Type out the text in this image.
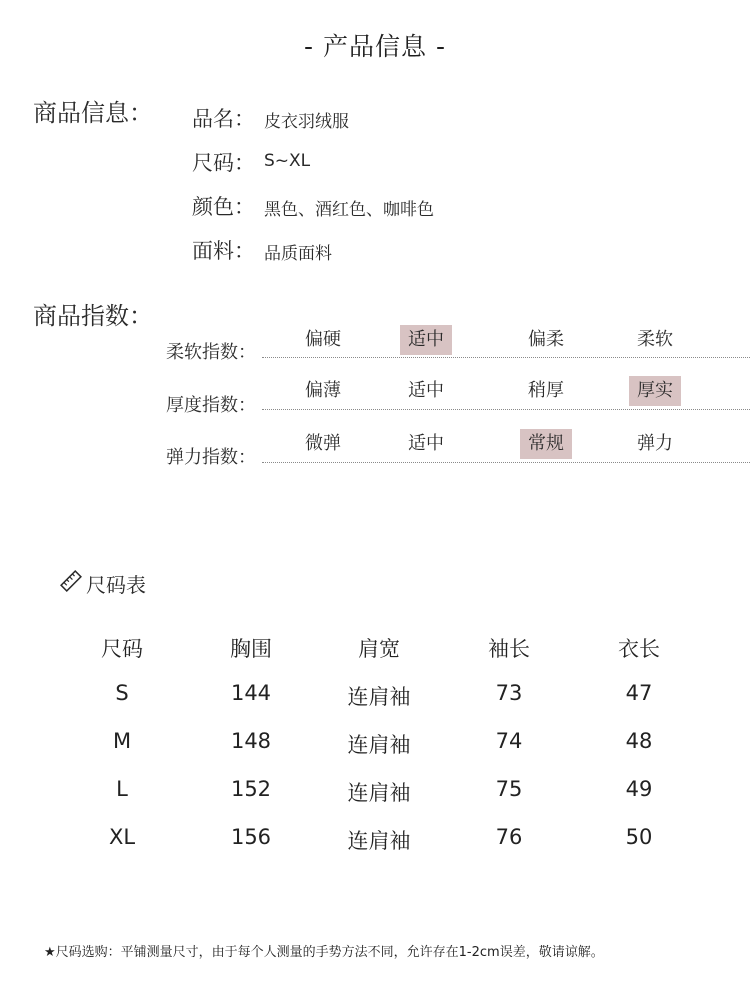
- 产品信息 -
商品信息： 品名： 皮衣羽绒服
尺码： S~XL
颜色： 黑色、酒红色、咖啡色
面料： 品质面料
商品指数：
柔软指数：
偏硬	适中	偏柔	柔软
厚度指数：
偏薄	适中	稍厚	厚实
弹力指数：
微弹	适中	常规	弹力
尺码表
尺码	胸围	肩宽	袖长	衣长
S	144	连肩袖	73	47
M	148	连肩袖	74	48
L	152	连肩袖	75	49
XL	156	连肩袖	76	50
★尺码选购：平铺测量尺寸，由于每个人测量的手势方法不同，允许存在1-2cm误差，敬请谅解。
